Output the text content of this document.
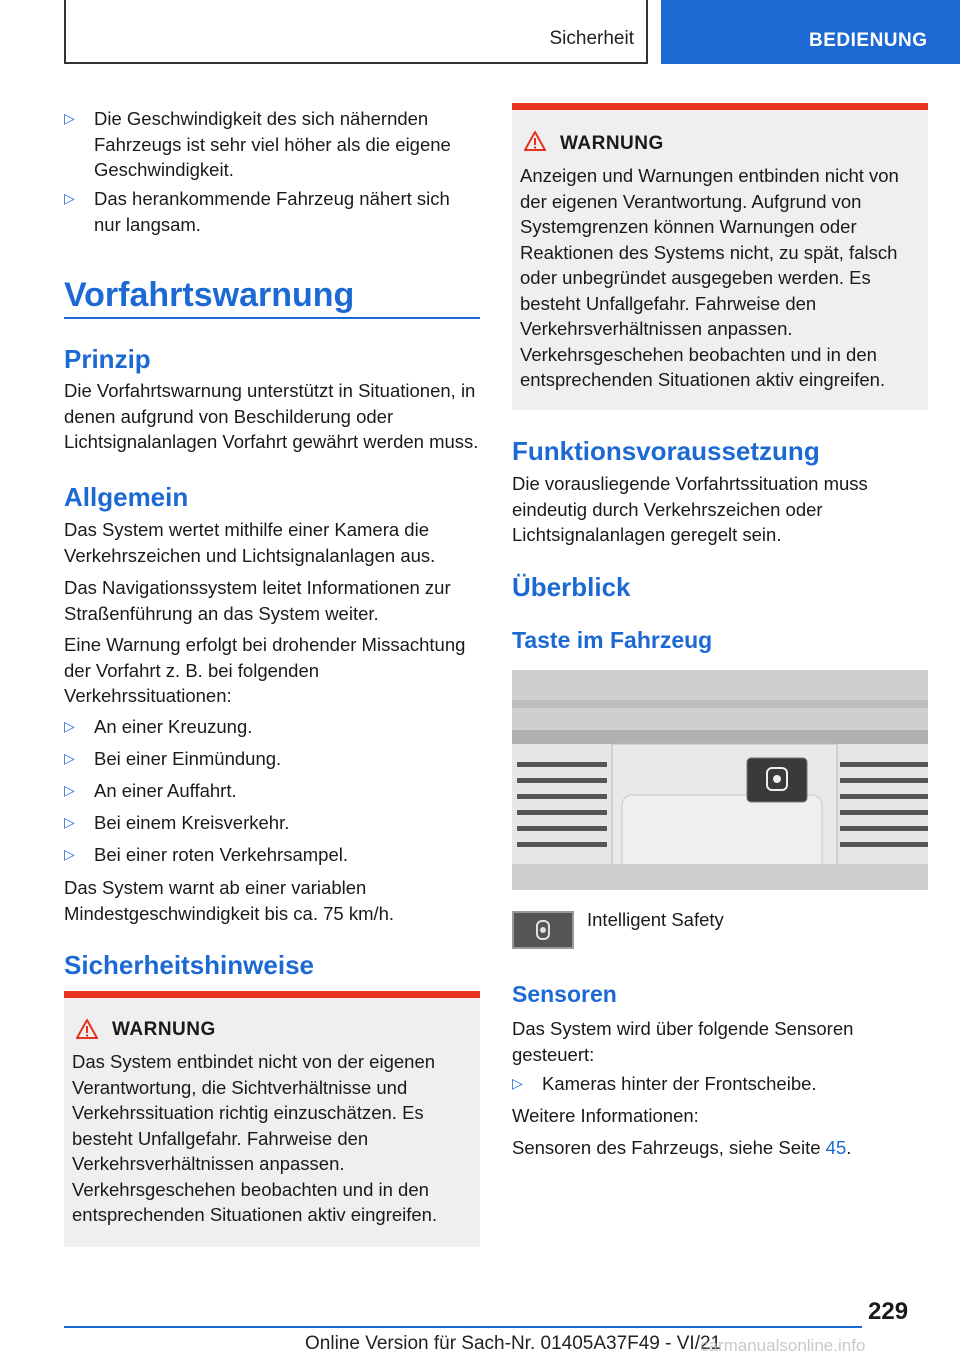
Sicherheit	BEDIENUNG
▷ Die Geschwindigkeit des sich nähernden Fahrzeugs ist sehr viel höher als die eigene Geschwindigkeit.
▷ Das herankommende Fahrzeug nähert sich nur langsam.
Vorfahrtswarnung
Prinzip

Die Vorfahrtswarnung unterstützt in Situationen, in denen aufgrund von Beschilderung oder Lichtsignalanlagen Vorfahrt gewährt werden muss.

Allgemein

Das System wertet mithilfe einer Kamera die Verkehrszeichen und Lichtsignalanlagen aus.

Das Navigationssystem leitet Informationen zur Straßenführung an das System weiter.

Eine Warnung erfolgt bei drohender Missachtung der Vorfahrt z. B. bei folgenden Verkehrssituationen:

▷ An einer Kreuzung.
▷ Bei einer Einmündung.
▷ An einer Auffahrt.
▷ Bei einem Kreisverkehr.
▷ Bei einer roten Verkehrsampel.

Das System warnt ab einer variablen Mindestgeschwindigkeit bis ca. 75 km/h.

Sicherheitshinweise
WARNUNG

Das System entbindet nicht von der eigenen Verantwortung, die Sichtverhältnisse und Verkehrssituation richtig einzuschätzen. Es besteht Unfallgefahr. Fahrweise den Verkehrsverhältnissen anpassen. Verkehrsgeschehen beobachten und in den entsprechenden Situationen aktiv eingreifen.

WARNUNG

Anzeigen und Warnungen entbinden nicht von der eigenen Verantwortung. Aufgrund von Systemgrenzen können Warnungen oder Reaktionen des Systems nicht, zu spät, falsch oder unbegründet ausgegeben werden. Es besteht Unfallgefahr. Fahrweise den Verkehrsverhältnissen anpassen. Verkehrsgeschehen beobachten und in den entsprechenden Situationen aktiv eingreifen.

Funktionsvoraussetzung

Die vorausliegende Vorfahrtssituation muss eindeutig durch Verkehrszeichen oder Lichtsignalanlagen geregelt sein.

Überblick
Taste im Fahrzeug
Intelligent Safety
Sensoren

Das System wird über folgende Sensoren gesteuert:

▷ Kameras hinter der Frontscheibe.

Weitere Informationen:

Sensoren des Fahrzeugs, siehe Seite 45.

229
Online Version für Sach-Nr. 01405A37F49 - VI/21
carmanualsonline.info
